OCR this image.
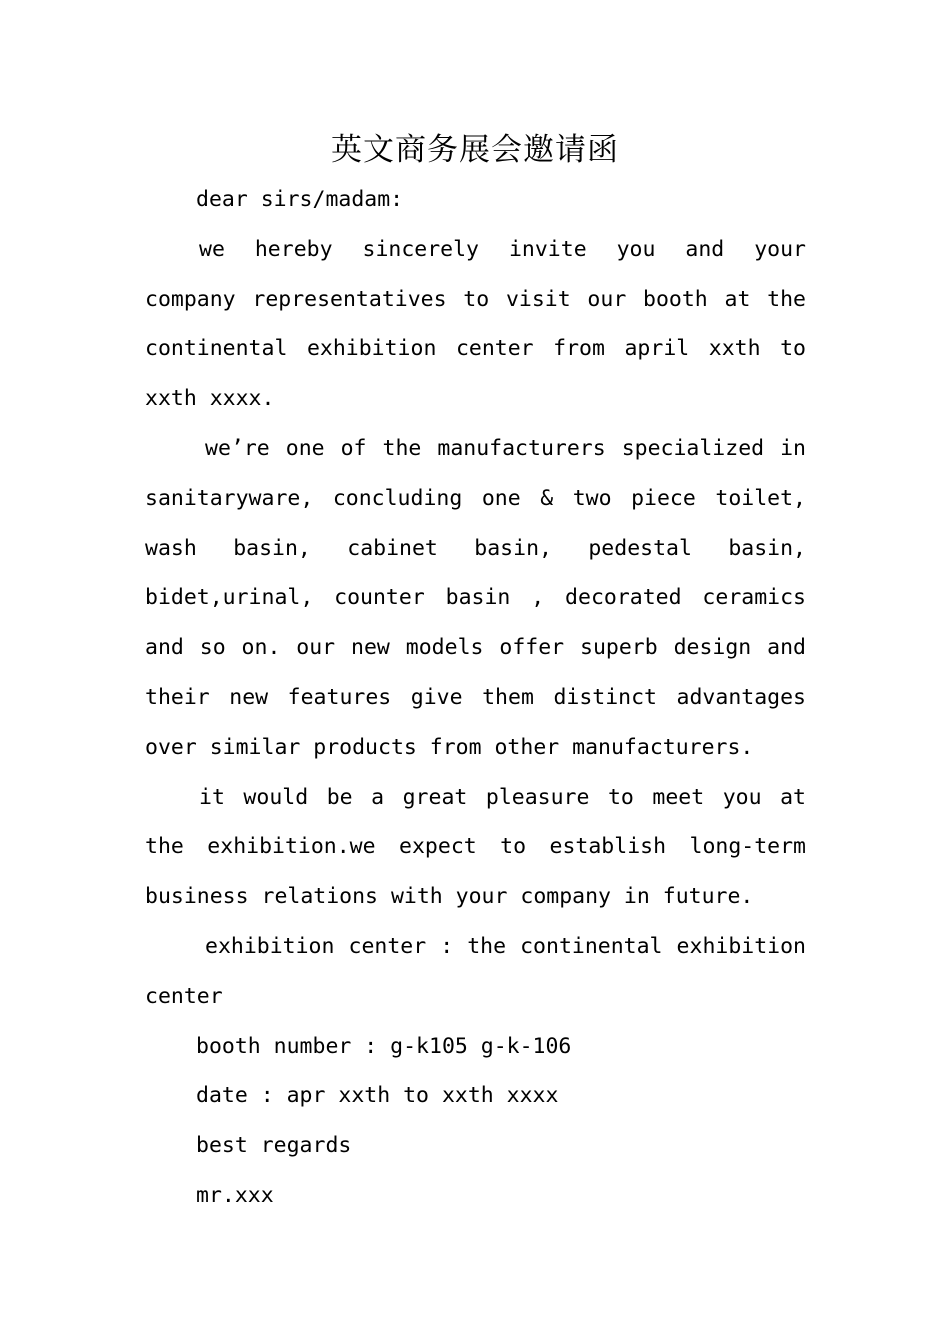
英文商务展会邀请函

dear sirs/madam:

we hereby sincerely invite you and your company representatives to visit our booth at the continental exhibition center from april xxth to xxth xxxx.

we’re one of the manufacturers specialized in sanitaryware, concluding one & two piece toilet, wash basin, cabinet basin, pedestal basin, bidet,urinal, counter basin , decorated ceramics and so on. our new models offer superb design and their new features give them distinct advantages over similar products from other manufacturers.

it would be a great pleasure to meet you at the exhibition.we expect to establish long-term business relations with your company in future.

exhibition center : the continental exhibition center

booth number : g-k105 g-k-106

date : apr xxth to xxth xxxx

best regards

mr.xxx
